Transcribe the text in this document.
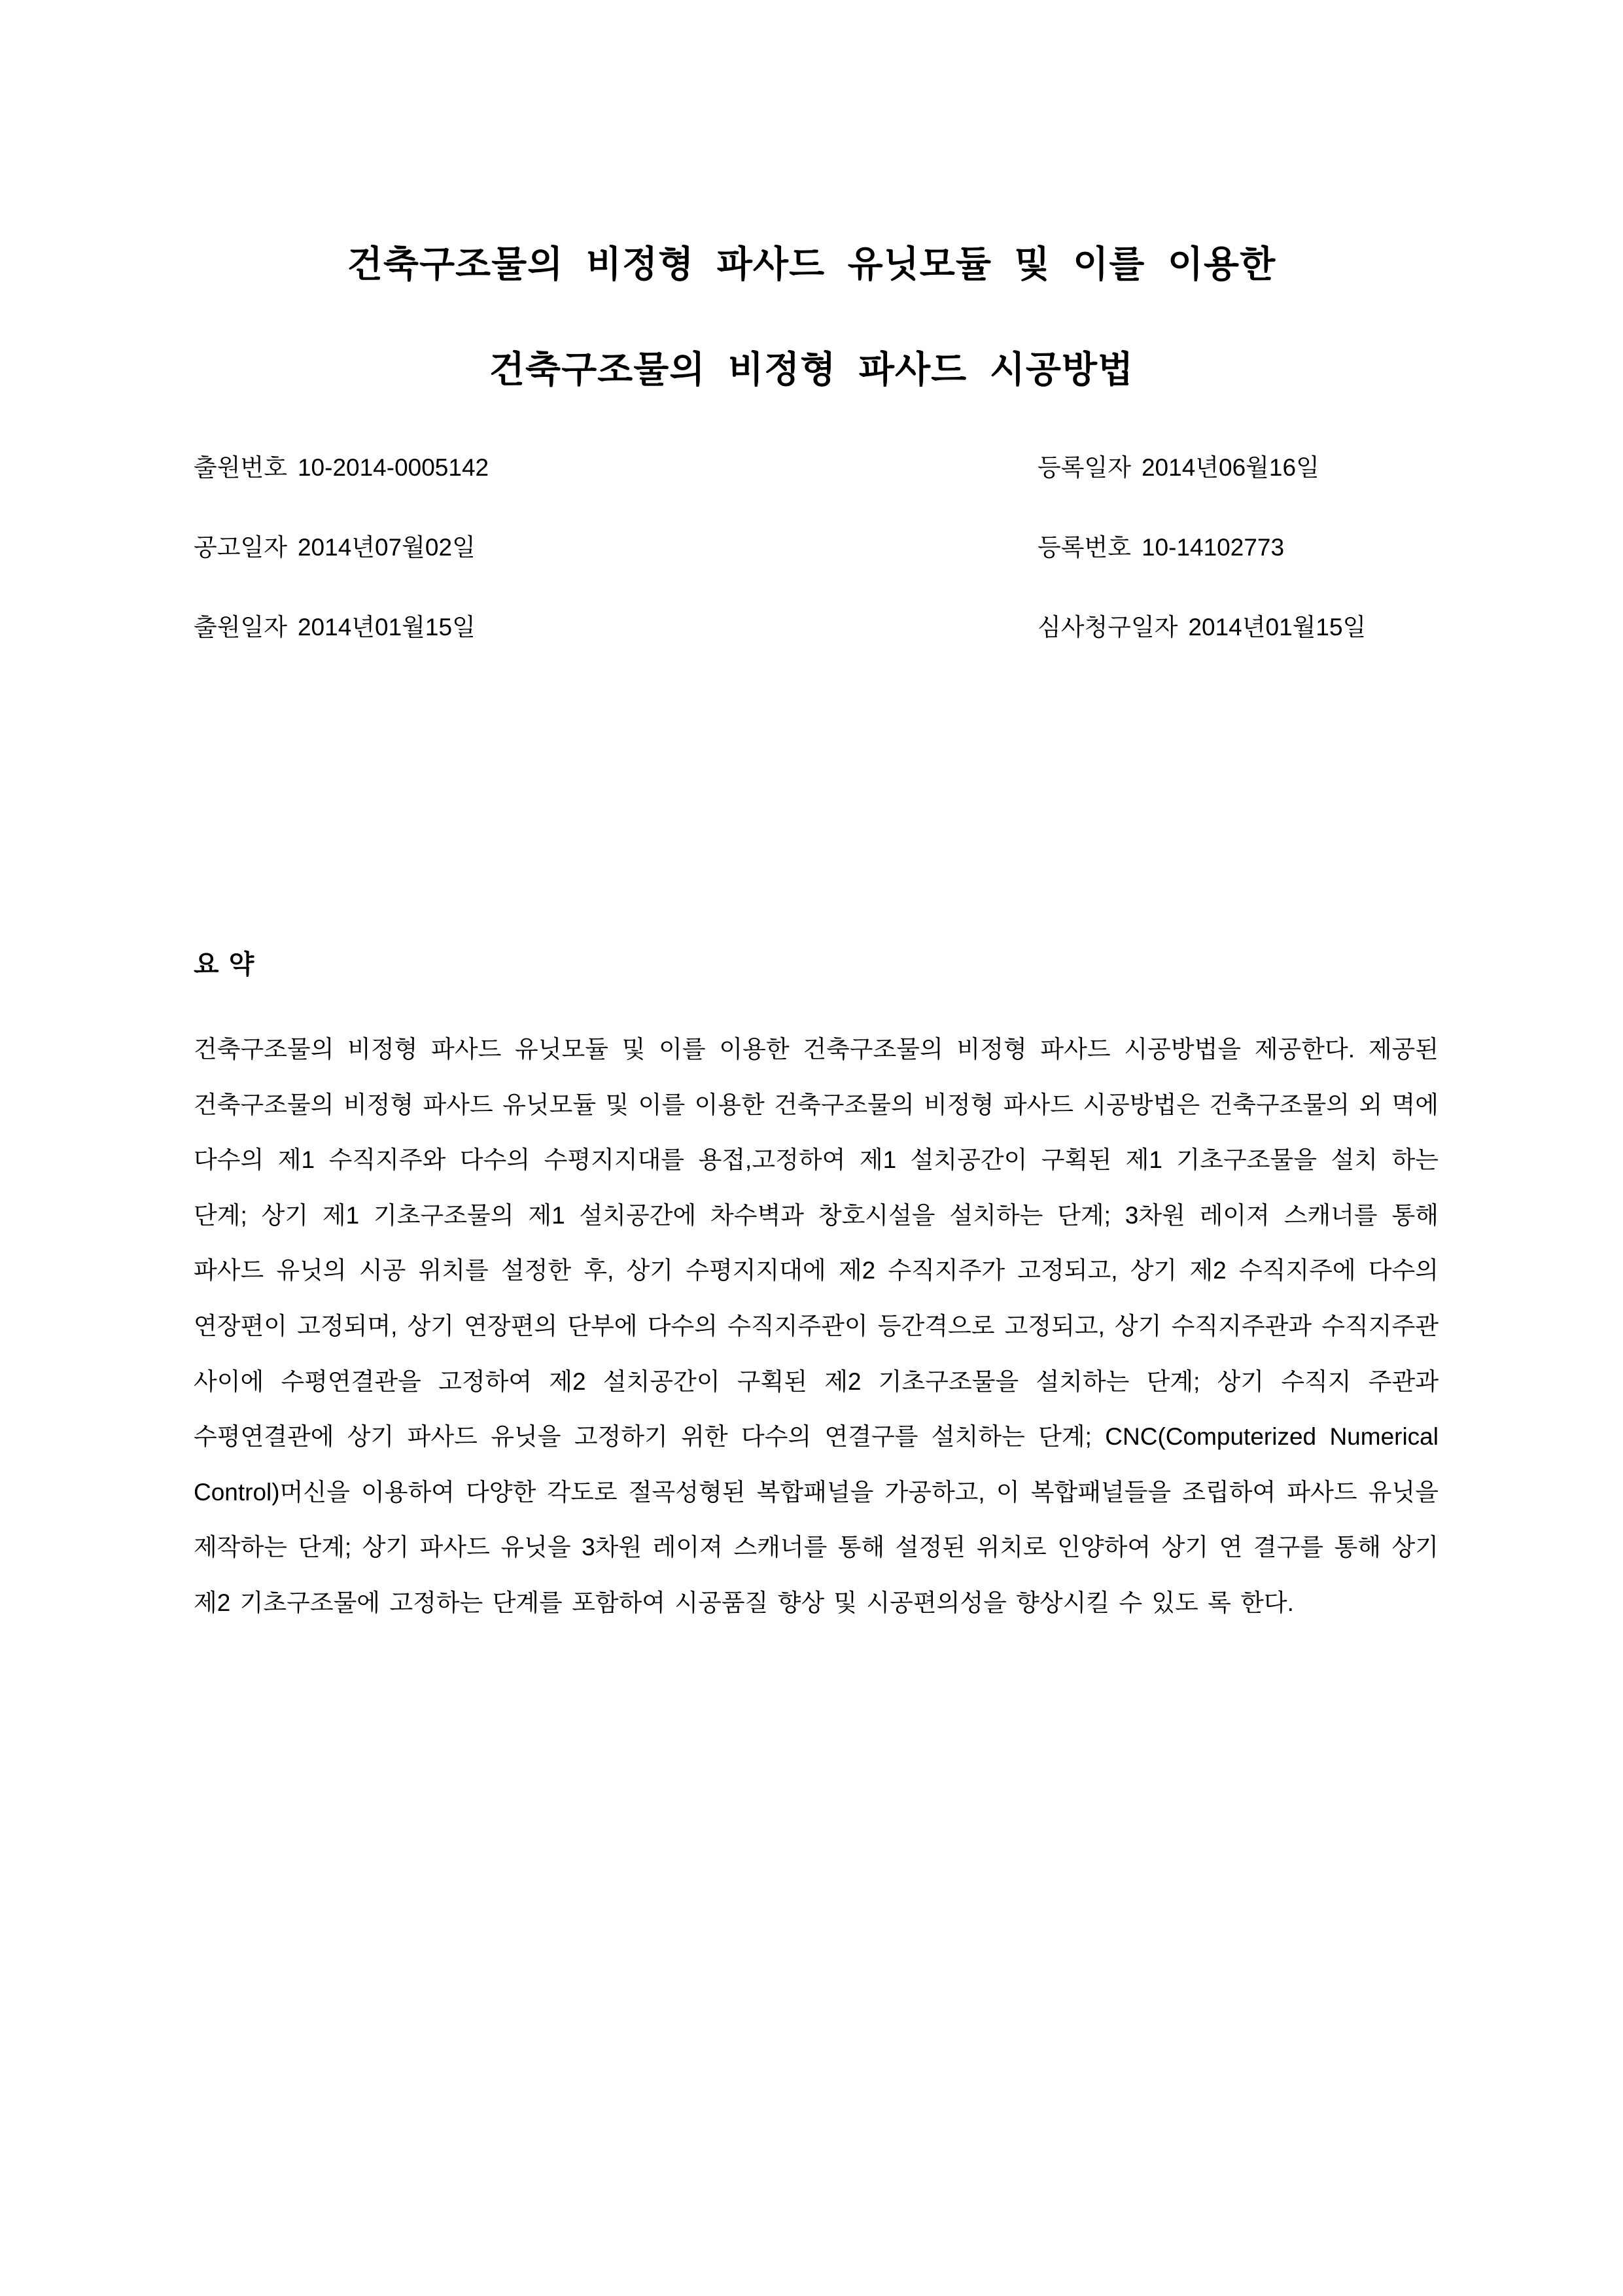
건축구조물의 비정형 파사드 유닛모듈 및 이를 이용한
건축구조물의 비정형 파사드 시공방법
출원번호 10-2014-0005142	등록일자 2014년06월16일
공고일자 2014년07월02일	등록번호 10-14102773
출원일자 2014년01월15일	심사청구일자 2014년01월15일
요 약

건축구조물의 비정형 파사드 유닛모듈 및 이를 이용한 건축구조물의 비정형 파사드 시공방법을 제공한다. 제공된 건축구조물의 비정형 파사드 유닛모듈 및 이를 이용한 건축구조물의 비정형 파사드 시공방법은 건축구조물의 외 멱에 다수의 제1 수직지주와 다수의 수평지지대를 용접,고정하여 제1 설치공간이 구획된 제1 기초구조물을 설치 하는 단계; 상기 제1 기초구조물의 제1 설치공간에 차수벽과 창호시설을 설치하는 단계; 3차원 레이져 스캐너를 통해 파사드 유닛의 시공 위치를 설정한 후, 상기 수평지지대에 제2 수직지주가 고정되고, 상기 제2 수직지주에 다수의 연장편이 고정되며, 상기 연장편의 단부에 다수의 수직지주관이 등간격으로 고정되고, 상기 수직지주관과 수직지주관 사이에 수평연결관을 고정하여 제2 설치공간이 구획된 제2 기초구조물을 설치하는 단계; 상기 수직지 주관과 수평연결관에 상기 파사드 유닛을 고정하기 위한 다수의 연결구를 설치하는 단계; CNC(Computerized Numerical Control)머신을 이용하여 다양한 각도로 절곡성형된 복합패널을 가공하고, 이 복합패널들을 조립하여 파사드 유닛을 제작하는 단계; 상기 파사드 유닛을 3차원 레이져 스캐너를 통해 설정된 위치로 인양하여 상기 연 결구를 통해 상기 제2 기초구조물에 고정하는 단계를 포함하여 시공품질 향상 및 시공편의성을 향상시킬 수 있도 록 한다.
